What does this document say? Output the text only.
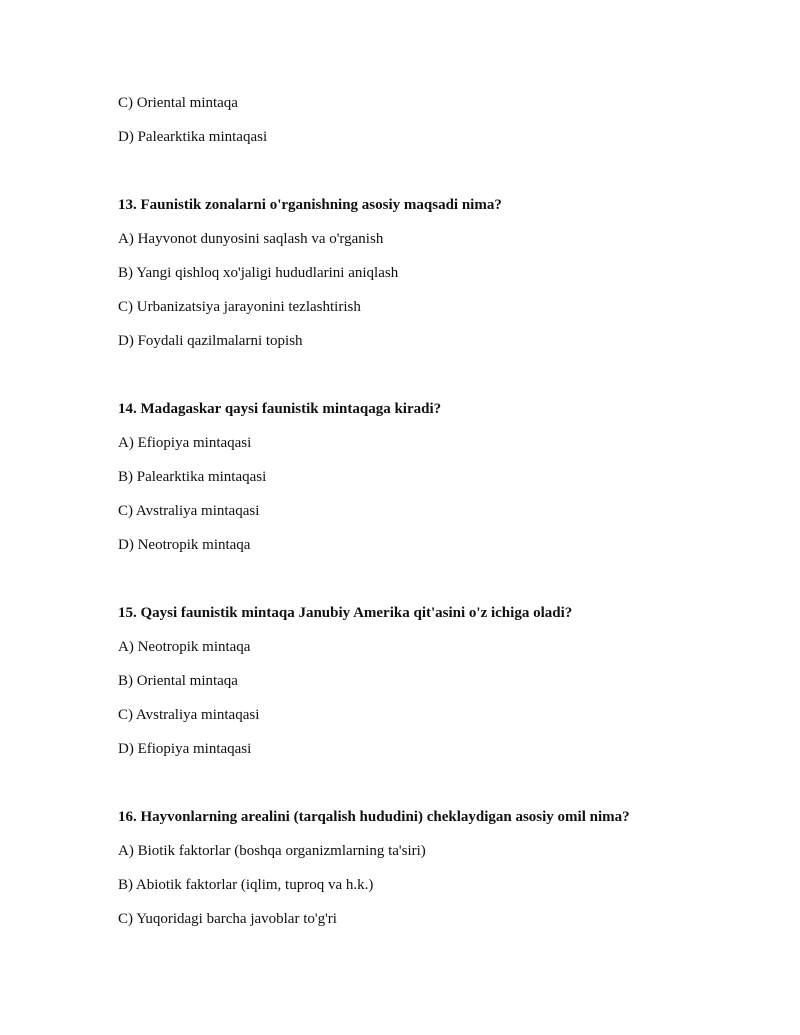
C) Oriental mintaqa
D) Palearktika mintaqasi
13. Faunistik zonalarni o'rganishning asosiy maqsadi nima?
A) Hayvonot dunyosini saqlash va o'rganish
B) Yangi qishloq xo'jaligi hududlarini aniqlash
C) Urbanizatsiya jarayonini tezlashtirish
D) Foydali qazilmalarni topish
14. Madagaskar qaysi faunistik mintaqaga kiradi?
A) Efiopiya mintaqasi
B) Palearktika mintaqasi
C) Avstraliya mintaqasi
D) Neotropik mintaqa
15. Qaysi faunistik mintaqa Janubiy Amerika qit'asini o'z ichiga oladi?
A) Neotropik mintaqa
B) Oriental mintaqa
C) Avstraliya mintaqasi
D) Efiopiya mintaqasi
16. Hayvonlarning arealini (tarqalish hududini) cheklaydigan asosiy omil nima?
A) Biotik faktorlar (boshqa organizmlarning ta'siri)
B) Abiotik faktorlar (iqlim, tuproq va h.k.)
C) Yuqoridagi barcha javoblar to'g'ri
